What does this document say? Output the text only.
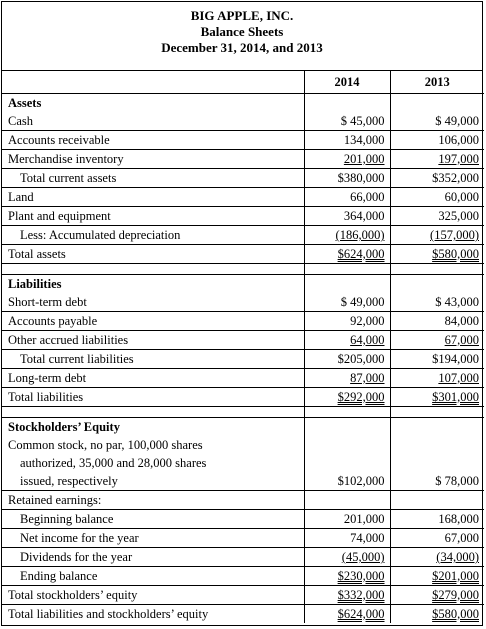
BIG APPLE, INC.
Balance Sheets
December 31, 2014, and 2013
	2014	2013
Assets		
Cash	$ 45,000	$ 49,000
Accounts receivable	134,000	106,000
Merchandise inventory	201,000	197,000
Total current assets	$380,000	$352,000
Land	66,000	60,000
Plant and equipment	364,000	325,000
Less: Accumulated depreciation	(186,000)	(157,000)
Total assets	$624,000	$580,000

Liabilities		
Short-term debt	$ 49,000	$ 43,000
Accounts payable	92,000	84,000
Other accrued liabilities	64,000	67,000
Total current liabilities	$205,000	$194,000
Long-term debt	87,000	107,000
Total liabilities	$292,000	$301,000

Stockholders’ Equity		
Common stock, no par, 100,000 shares		
authorized, 35,000 and 28,000 shares		
issued, respectively	$102,000	$ 78,000
Retained earnings:		
Beginning balance	201,000	168,000
Net income for the year	74,000	67,000
Dividends for the year	(45,000)	(34,000)
Ending balance	$230,000	$201,000
Total stockholders’ equity	$332,000	$279,000
Total liabilities and stockholders’ equity	$624,000	$580,000
